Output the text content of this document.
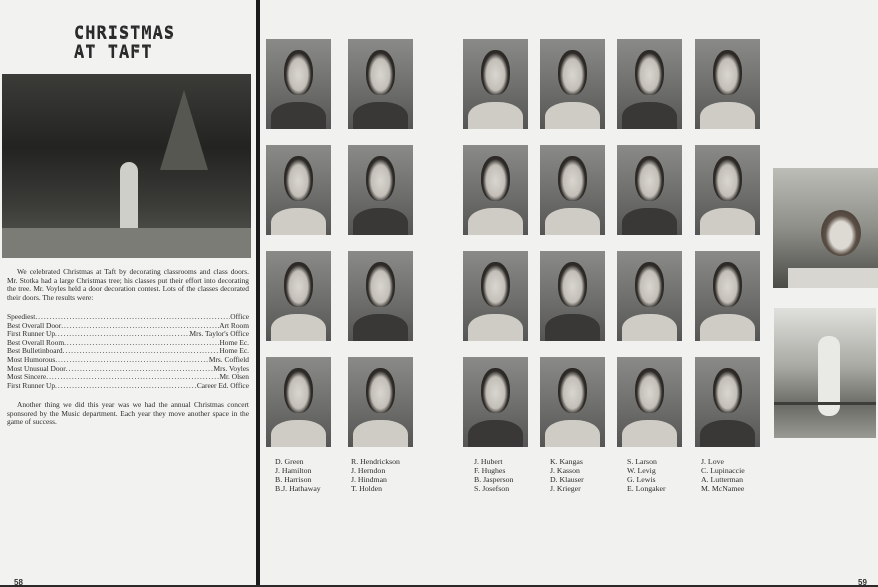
CHRISTMAS
AT TAFT

We celebrated Christmas at Taft by decorating classrooms and class doors. Mr. Stotka had a large Christmas tree; his classes put their effort into decorating the tree. Mr. Voyles held a door decoration contest. Lots of the classes decorated their doors. The results were:

Speediest .....	Office
Best Overall Door .....	Art Room
First Runner Up .....	Mrs. Taylor's Office
Best Overall Room .....	Home Ec.
Best Bulletinboard .....	Home Ec.
Most Humorous .....	Mrs. Coffield
Most Unusual Door .....	Mrs. Voyles
Most Sincere .....	Mr. Olsen
First Runner Up .....	Career Ed. Office

Another thing we did this year was we had the annual Christmas concert sponsored by the Music department. Each year they move another space in the game of success.

58
D. Green
J. Hamilton
B. Harrison
B.J. Hathaway
R. Hendrickson
J. Herndon
J. Hindman
T. Holden
J. Hubert
F. Hughes
B. Jasperson
S. Josefson
K. Kangas
J. Kasson
D. Klauser
J. Krieger
S. Larson
W. Levig
G. Lewis
E. Longaker
J. Love
C. Lupinaccie
A. Lutterman
M. McNamee
59
